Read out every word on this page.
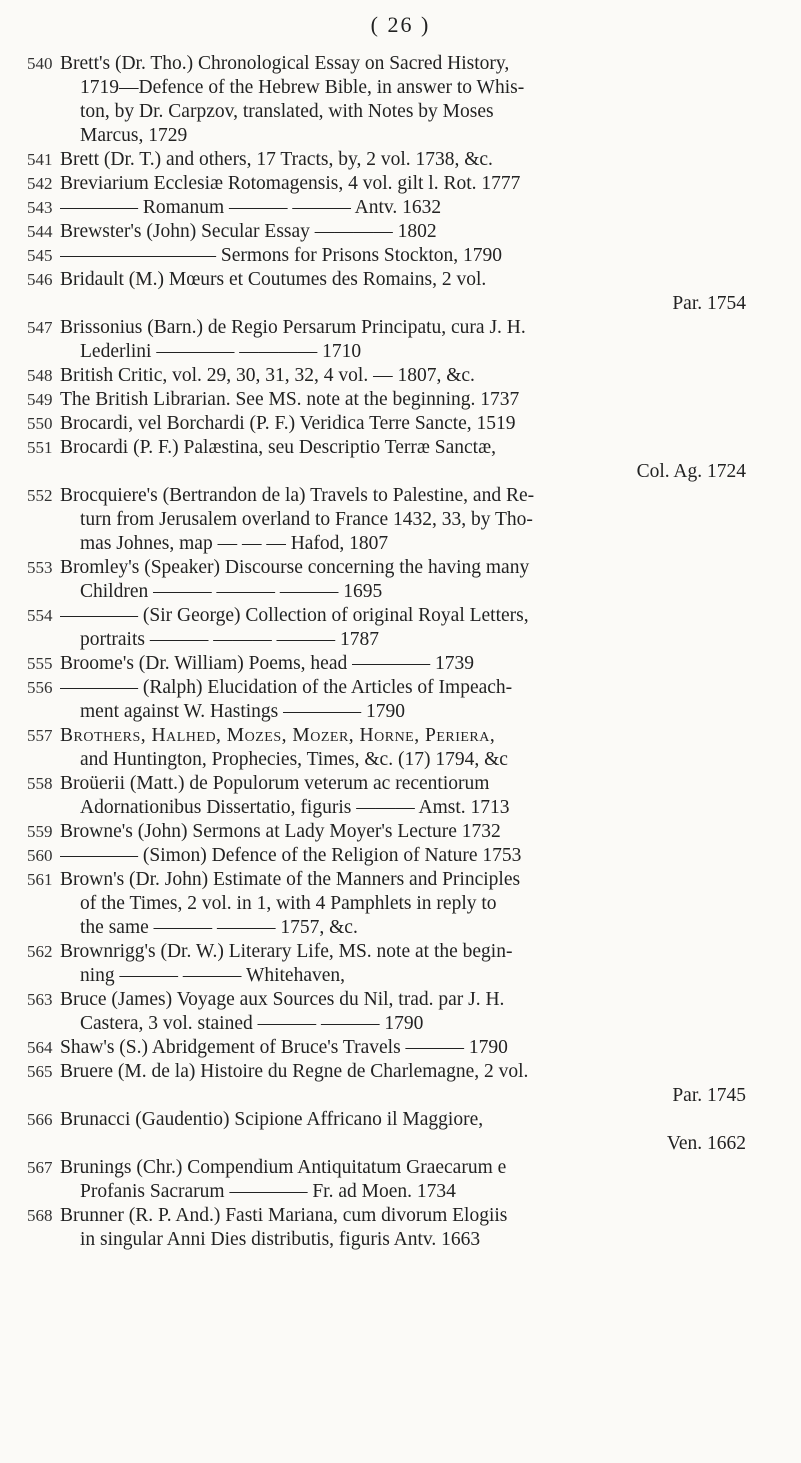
( 26 )
540 Brett's (Dr. Tho.) Chronological Essay on Sacred History,
1719—Defence of the Hebrew Bible, in answer to Whis-
ton, by Dr. Carpzov, translated, with Notes by Moses
Marcus, 1729
541 Brett (Dr. T.) and others, 17 Tracts, by, 2 vol. 1738, &c.
542 Breviarium Ecclesiæ Rotomagensis, 4 vol. gilt l. Rot. 1777
543 ———— Romanum ——— ——— Antv. 1632
544 Brewster's (John) Secular Essay ———— 1802
545 ———————— Sermons for Prisons Stockton, 1790
546 Bridault (M.) Mœurs et Coutumes des Romains, 2 vol.
Par. 1754
547 Brissonius (Barn.) de Regio Persarum Principatu, cura J. H.
Lederlini ———— ———— 1710
548 British Critic, vol. 29, 30, 31, 32, 4 vol. — 1807, &c.
549 The British Librarian. See MS. note at the beginning. 1737
550 Brocardi, vel Borchardi (P. F.) Veridica Terre Sancte, 1519
551 Brocardi (P. F.) Palæstina, seu Descriptio Terræ Sanctæ,
Col. Ag. 1724
552 Brocquiere's (Bertrandon de la) Travels to Palestine, and Re-
turn from Jerusalem overland to France 1432, 33, by Tho-
mas Johnes, map — — — Hafod, 1807
553 Bromley's (Speaker) Discourse concerning the having many
Children ——— ——— ——— 1695
554 ———— (Sir George) Collection of original Royal Letters,
portraits ——— ——— ——— 1787
555 Broome's (Dr. William) Poems, head ———— 1739
556 ———— (Ralph) Elucidation of the Articles of Impeach-
ment against W. Hastings ———— 1790
557 Brothers, Halhed, Mozes, Mozer, Horne, Periera,
and Huntington, Prophecies, Times, &c. (17) 1794, &c
558 Broüerii (Matt.) de Populorum veterum ac recentiorum
Adornationibus Dissertatio, figuris ——— Amst. 1713
559 Browne's (John) Sermons at Lady Moyer's Lecture 1732
560 ———— (Simon) Defence of the Religion of Nature 1753
561 Brown's (Dr. John) Estimate of the Manners and Principles
of the Times, 2 vol. in 1, with 4 Pamphlets in reply to
the same ——— ——— 1757, &c.
562 Brownrigg's (Dr. W.) Literary Life, MS. note at the begin-
ning ——— ——— Whitehaven,
563 Bruce (James) Voyage aux Sources du Nil, trad. par J. H.
Castera, 3 vol. stained ——— ——— 1790
564 Shaw's (S.) Abridgement of Bruce's Travels ——— 1790
565 Bruere (M. de la) Histoire du Regne de Charlemagne, 2 vol.
Par. 1745
566 Brunacci (Gaudentio) Scipione Affricano il Maggiore,
Ven. 1662
567 Brunings (Chr.) Compendium Antiquitatum Graecarum e
Profanis Sacrarum ———— Fr. ad Moen. 1734
568 Brunner (R. P. And.) Fasti Mariana, cum divorum Elogiis
in singular Anni Dies distributis, figuris Antv. 1663
